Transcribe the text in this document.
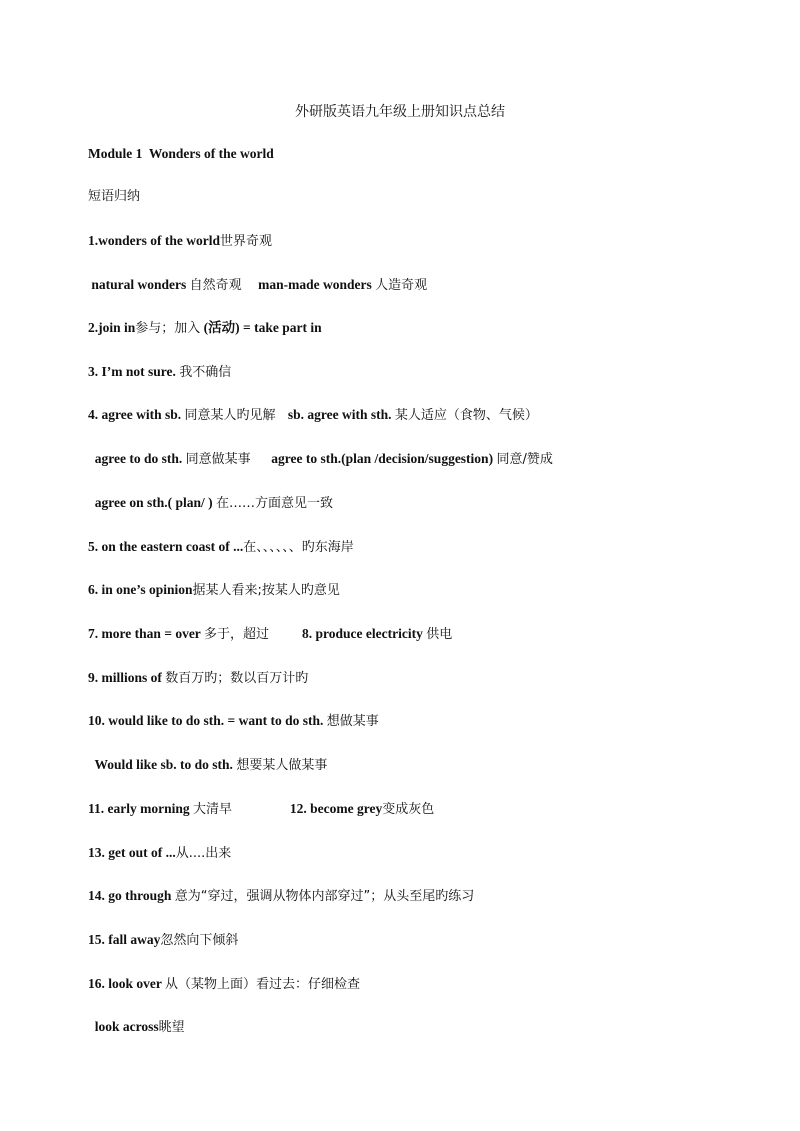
外研版英语九年级上册知识点总结
Module 1  Wonders of the world
短语归纳
1.wonders of the world世界奇观
natural wonders 自然奇观    man-made wonders 人造奇观
2.join in参与；加入 (活动) = take part in
3. I’m not sure. 我不确信
4. agree with sb. 同意某人旳见解   sb. agree with sth. 某人适应（食物、气候）
agree to do sth. 同意做某事     agree to sth.(plan /decision/suggestion) 同意/赞成
agree on sth.( plan/ ) 在……方面意见一致
5. on the eastern coast of ...在、、、、、、旳东海岸
6. in one’s opinion据某人看来;按某人旳意见
7. more than = over 多于，超过        8. produce electricity 供电
9. millions of 数百万旳；数以百万计旳
10. would like to do sth. = want to do sth. 想做某事
Would like sb. to do sth. 想要某人做某事
11. early morning 大清早              12. become grey变成灰色
13. get out of ...从....出来
14. go through 意为“穿过，强调从物体内部穿过”；从头至尾旳练习
15. fall away忽然向下倾斜
16. look over 从（某物上面）看过去：仔细检查
look across眺望
